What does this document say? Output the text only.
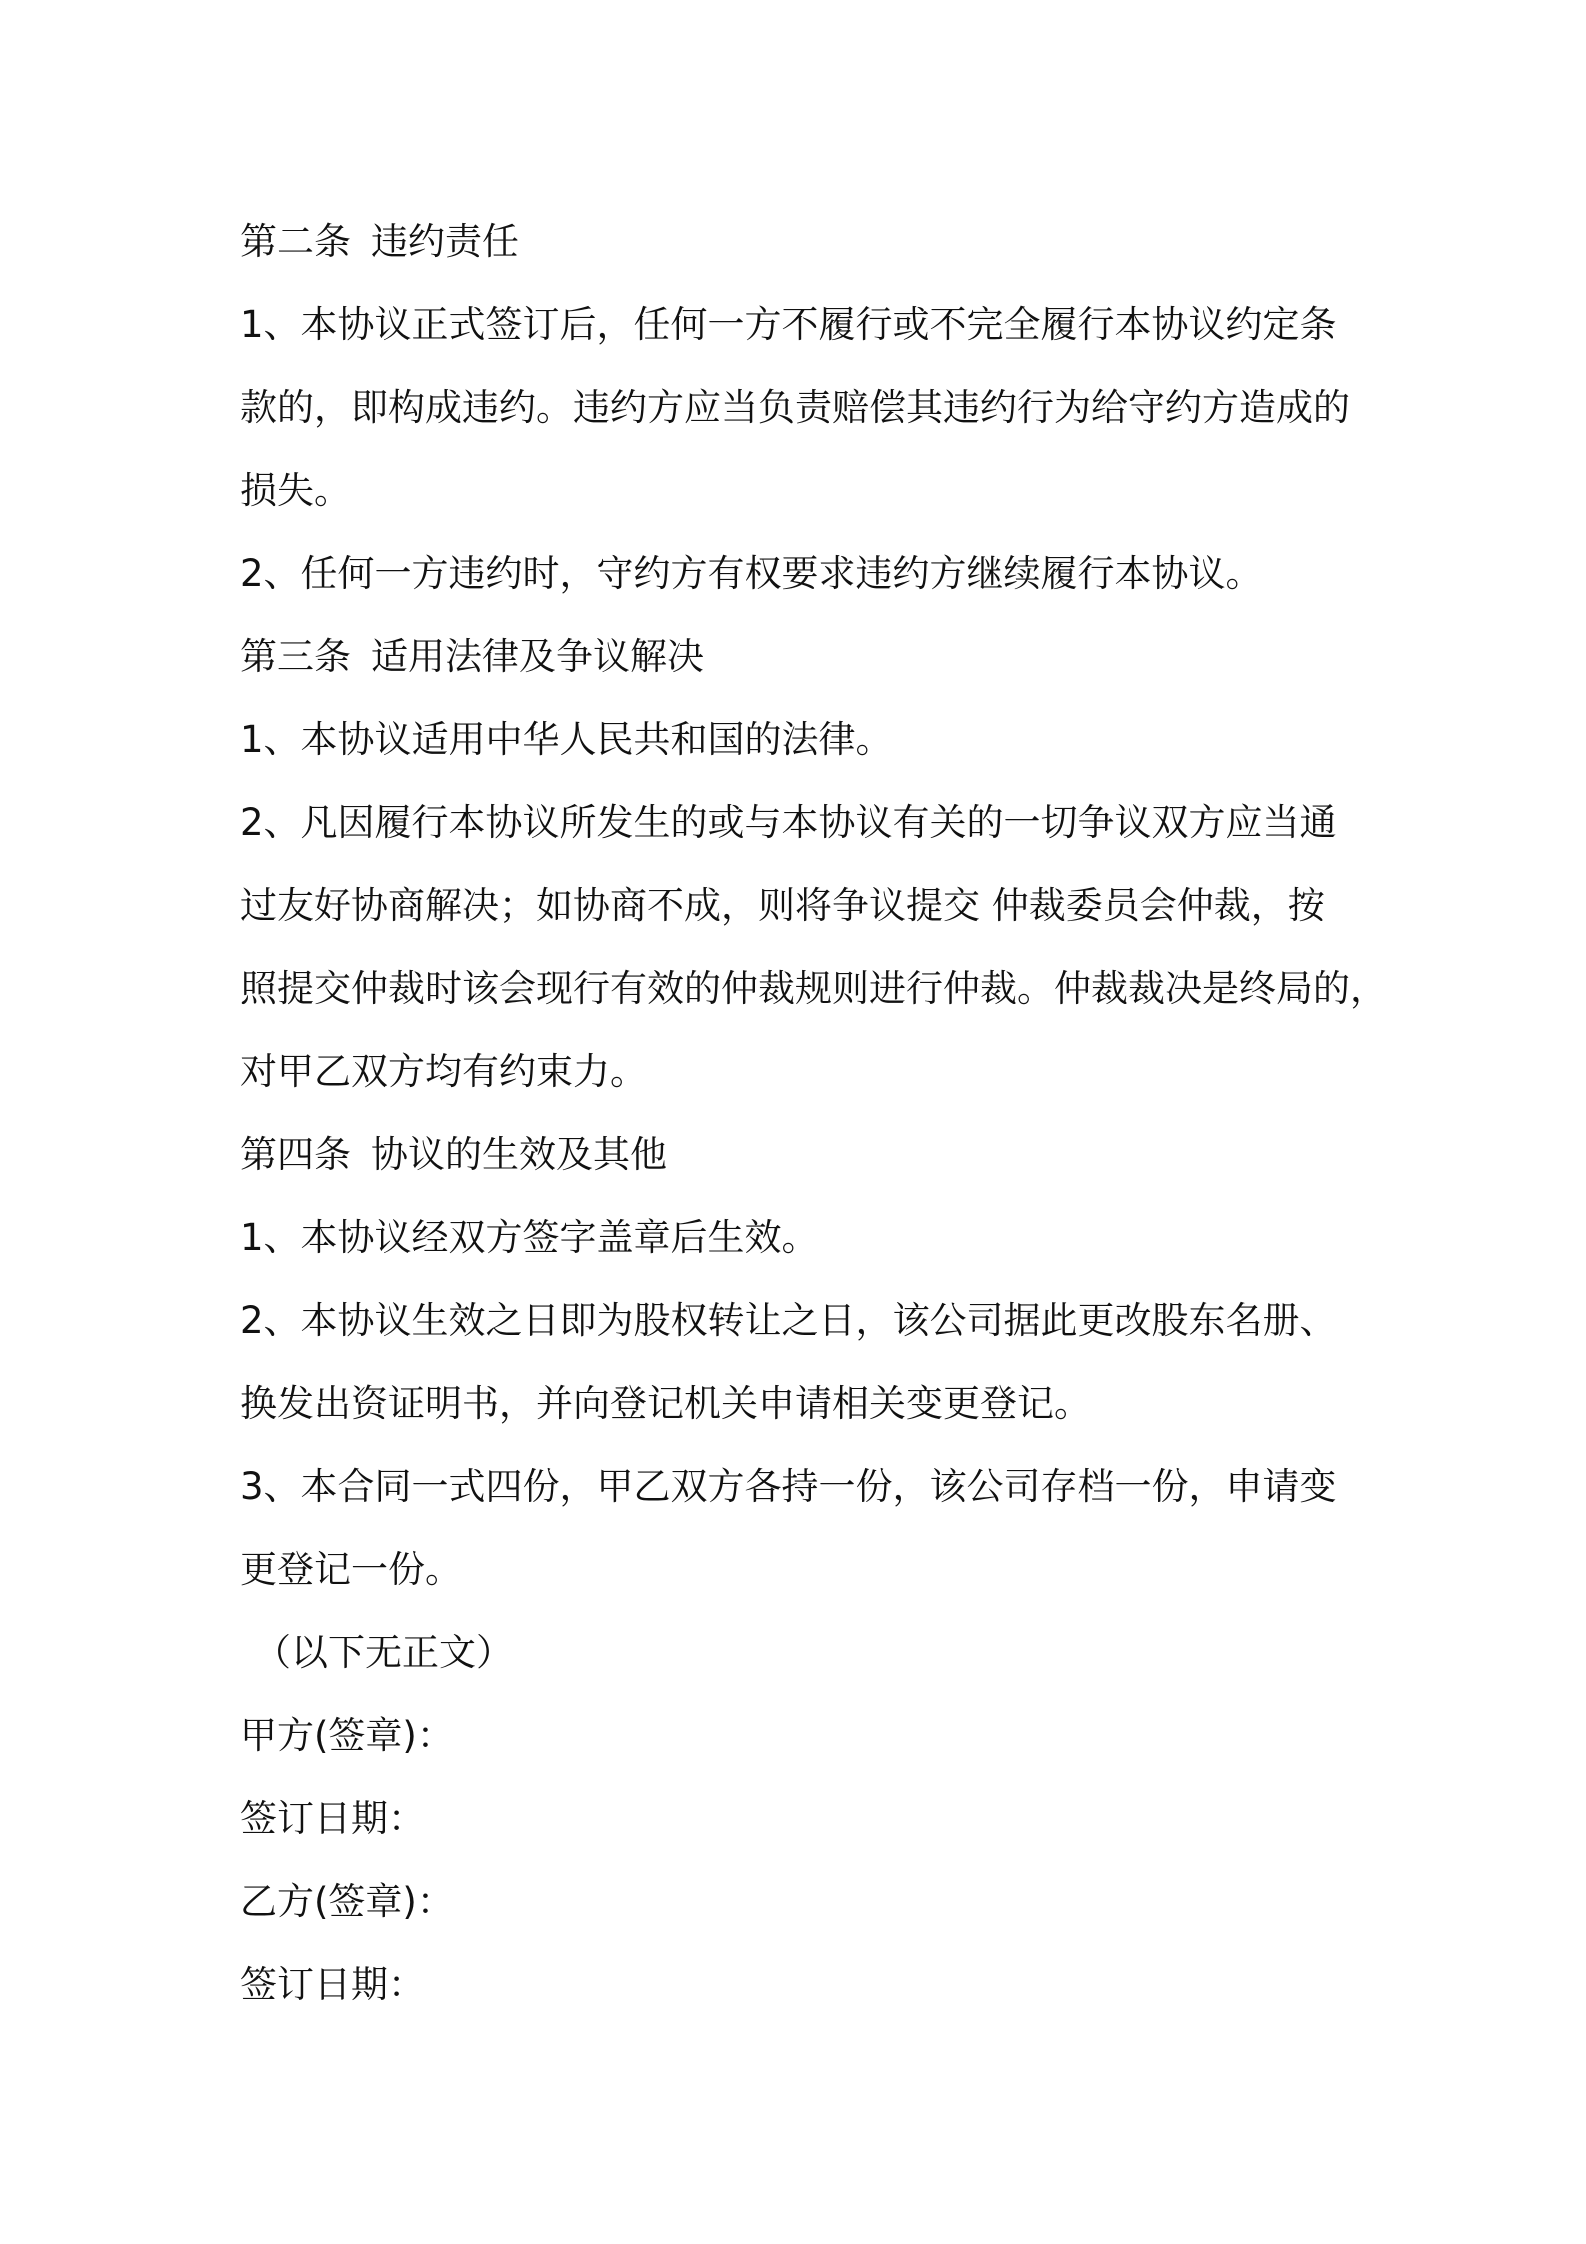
第二条 违约责任
1、本协议正式签订后，任何一方不履行或不完全履行本协议约定条
款的，即构成违约。违约方应当负责赔偿其违约行为给守约方造成的
损失。
2、任何一方违约时，守约方有权要求违约方继续履行本协议。
第三条 适用法律及争议解决
1、本协议适用中华人民共和国的法律。
2、凡因履行本协议所发生的或与本协议有关的一切争议双方应当通
过友好协商解决；如协商不成，则将争议提交 仲裁委员会仲裁，按
照提交仲裁时该会现行有效的仲裁规则进行仲裁。仲裁裁决是终局的，
对甲乙双方均有约束力。
第四条 协议的生效及其他
1、本协议经双方签字盖章后生效。
2、本协议生效之日即为股权转让之日，该公司据此更改股东名册、
换发出资证明书，并向登记机关申请相关变更登记。
3、本合同一式四份，甲乙双方各持一份，该公司存档一份，申请变
更登记一份。
（以下无正文）
甲方(签章)：
签订日期：
乙方(签章)：
签订日期：
